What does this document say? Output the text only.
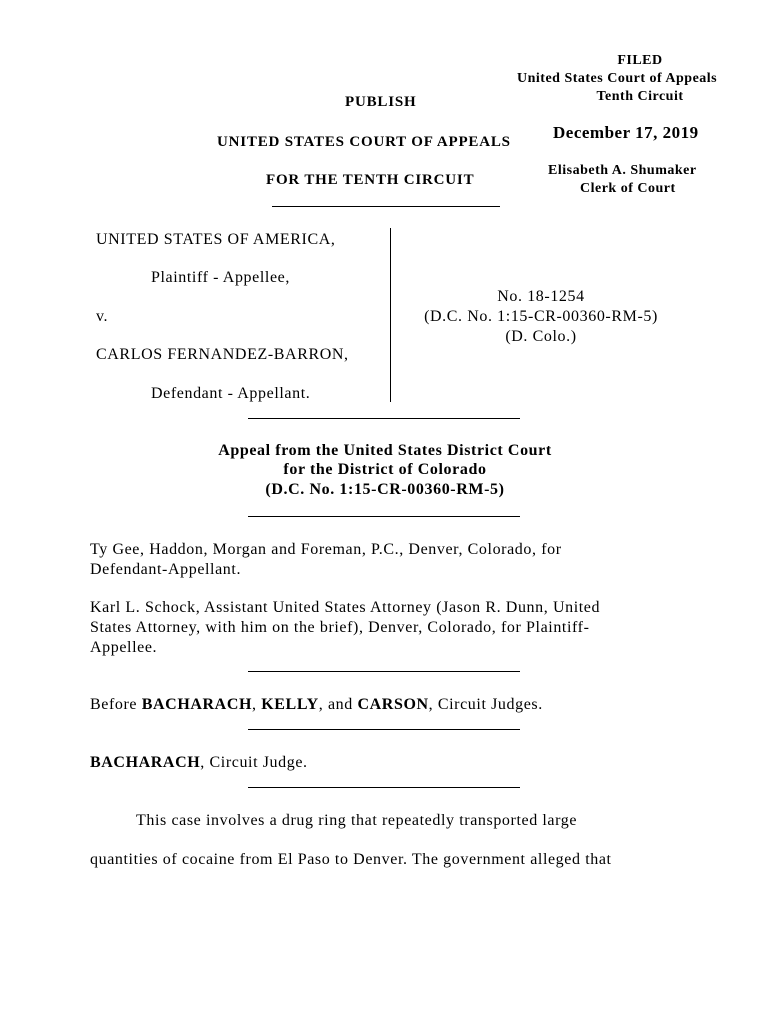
FILED
United States Court of Appeals
Tenth Circuit
December 17, 2019
Elisabeth A. Shumaker
Clerk of Court
PUBLISH
UNITED STATES COURT OF APPEALS
FOR THE TENTH CIRCUIT
UNITED STATES OF AMERICA,
Plaintiff - Appellee,
v.
CARLOS FERNANDEZ-BARRON,
Defendant - Appellant.
No. 18-1254
(D.C. No. 1:15-CR-00360-RM-5)
(D. Colo.)
Appeal from the United States District Court
for the District of Colorado
(D.C. No. 1:15-CR-00360-RM-5)
Ty Gee, Haddon, Morgan and Foreman, P.C., Denver, Colorado, for
Defendant-Appellant.
Karl L. Schock, Assistant United States Attorney (Jason R. Dunn, United
States Attorney, with him on the brief), Denver, Colorado, for Plaintiff-
Appellee.
Before BACHARACH, KELLY, and CARSON, Circuit Judges.
BACHARACH, Circuit Judge.
This case involves a drug ring that repeatedly transported large
quantities of cocaine from El Paso to Denver. The government alleged that
